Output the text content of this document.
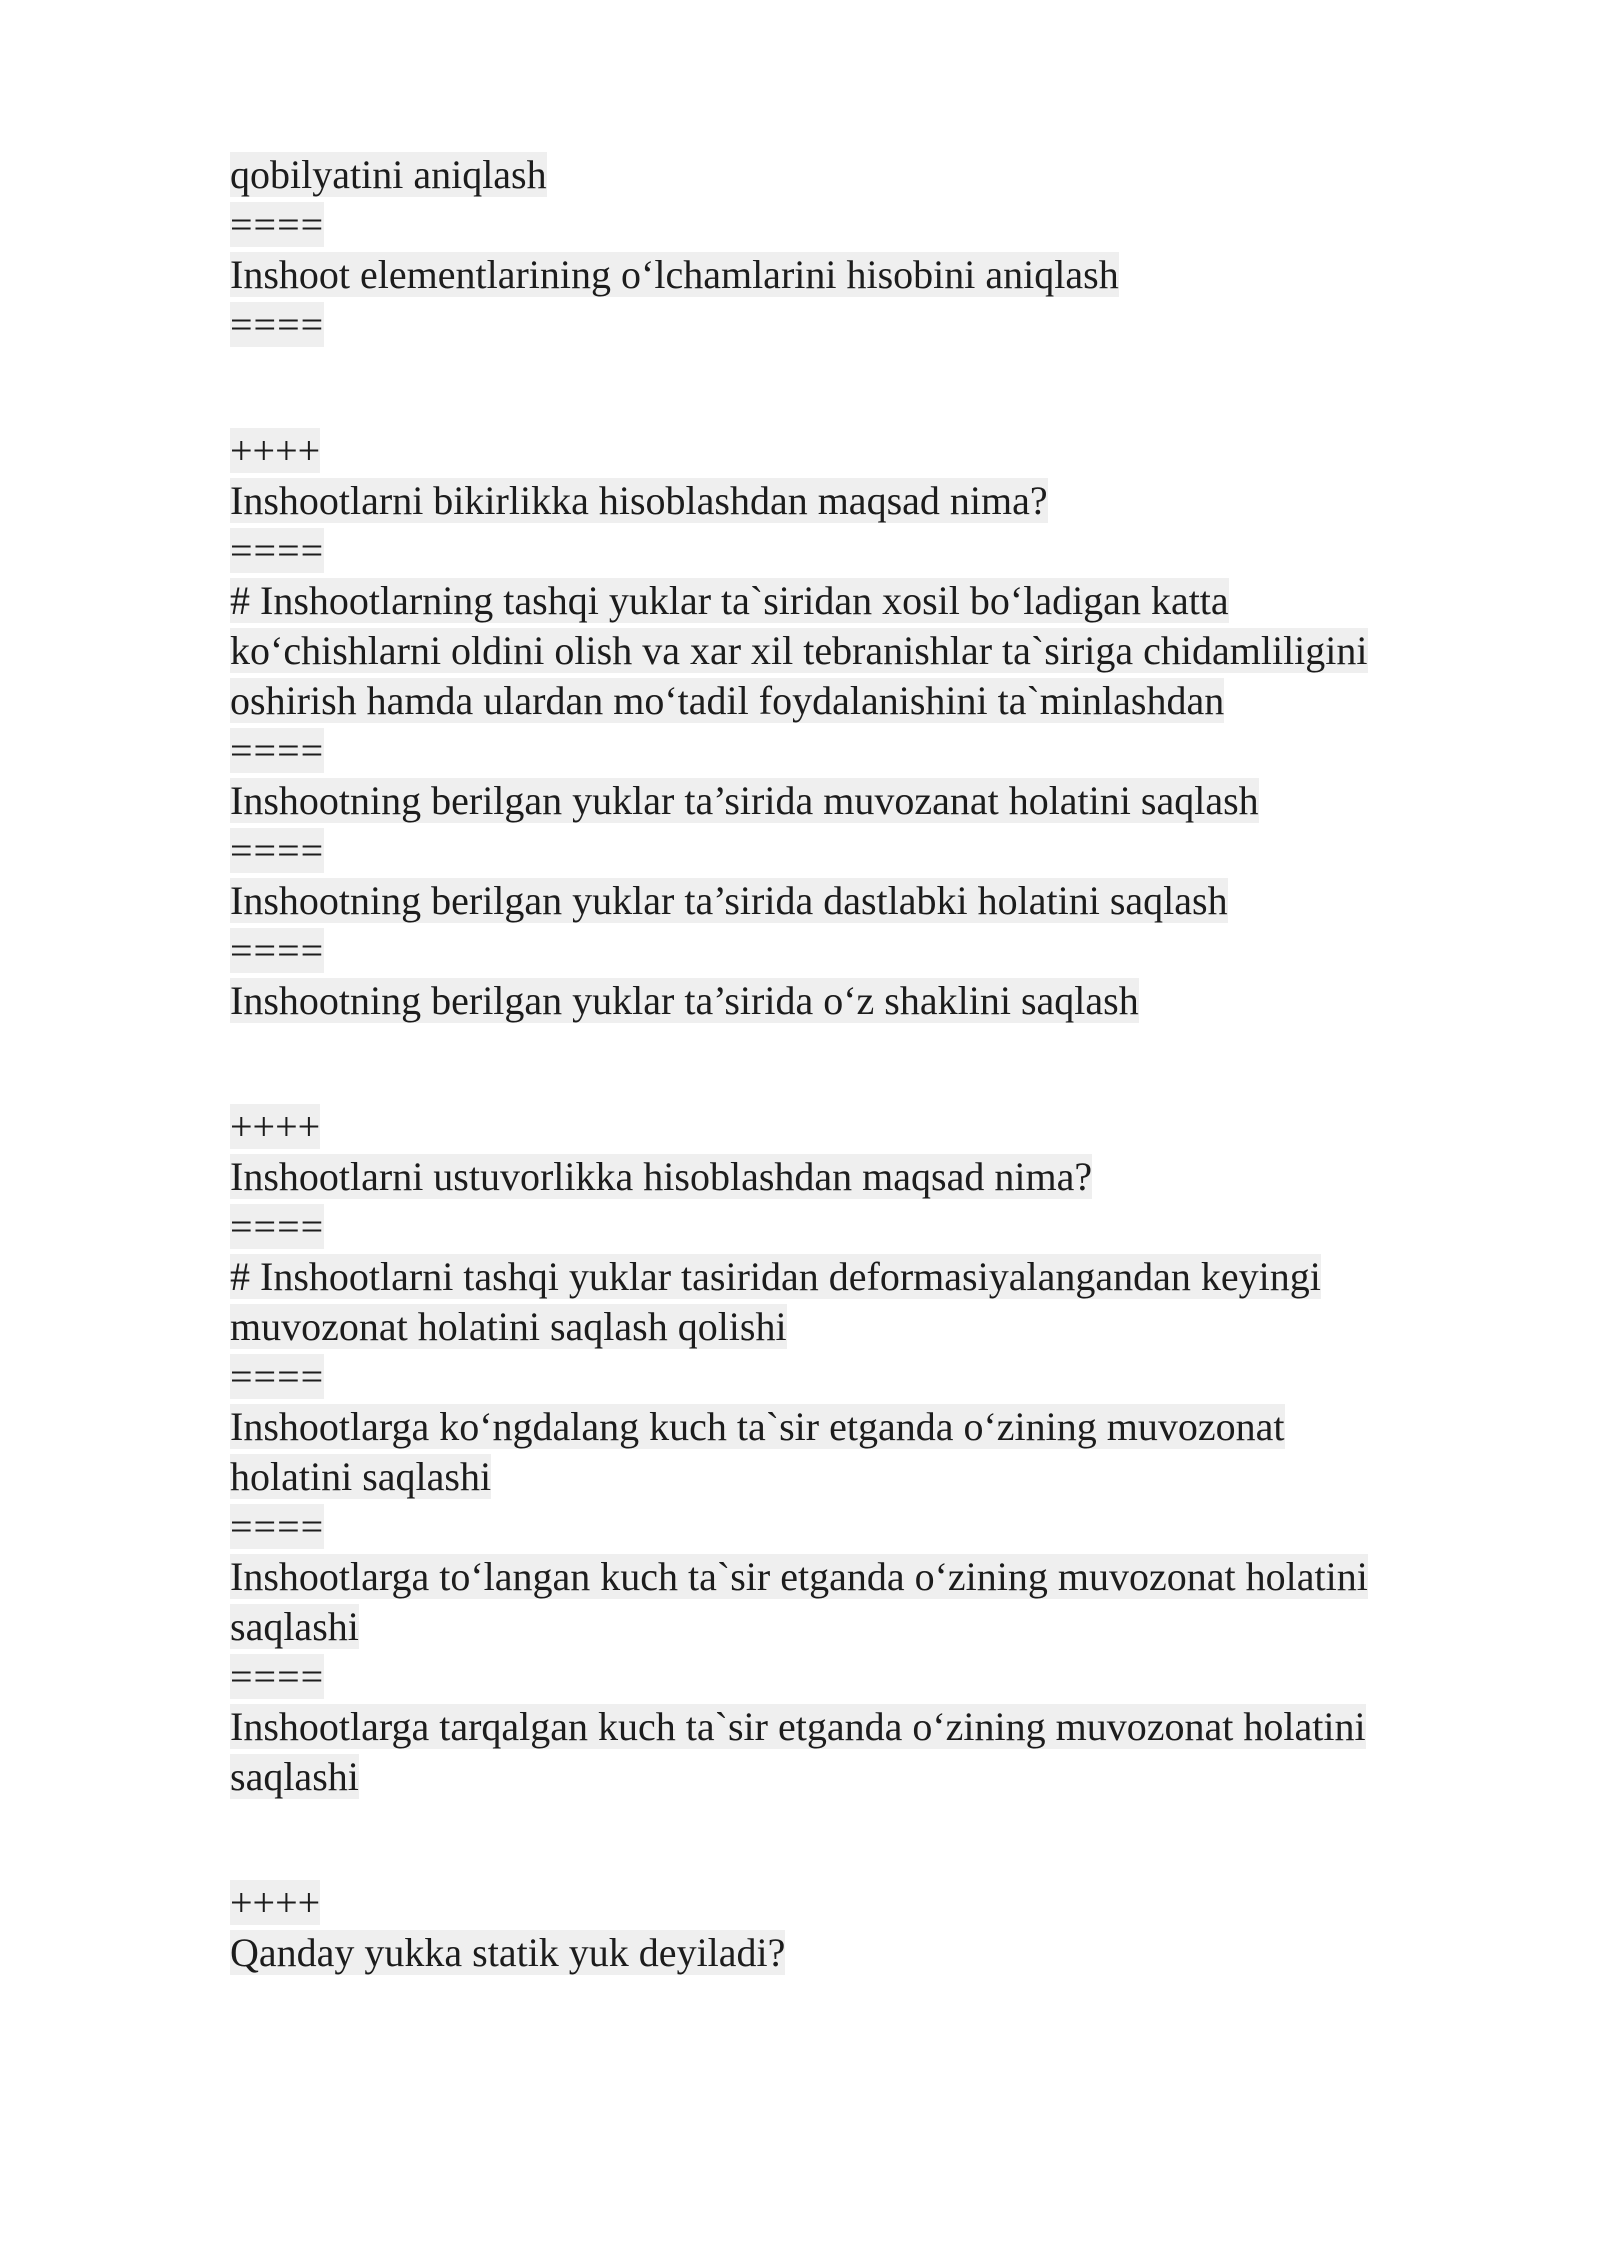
qobilyatini aniqlash
====
Inshoot elementlarining o‘lchamlarini hisobini aniqlash
====
++++
Inshootlarni bikirlikka hisoblashdan maqsad nima?
====
# Inshootlarning tashqi yuklar ta`siridan xosil bo‘ladigan katta
ko‘chishlarni oldini olish va xar xil tebranishlar ta`siriga chidamliligini
oshirish hamda ulardan mo‘tadil foydalanishini ta`minlashdan
====
Inshootning berilgan yuklar ta’sirida muvozanat holatini saqlash
====
Inshootning berilgan yuklar ta’sirida dastlabki holatini saqlash
====
Inshootning berilgan yuklar ta’sirida o‘z shaklini saqlash
++++
Inshootlarni ustuvorlikka hisoblashdan maqsad nima?
====
# Inshootlarni tashqi yuklar tasiridan deformasiyalangandan keyingi
muvozonat holatini saqlash qolishi
====
Inshootlarga ko‘ngdalang kuch ta`sir etganda o‘zining muvozonat
holatini saqlashi
====
Inshootlarga to‘langan kuch ta`sir etganda o‘zining muvozonat holatini
saqlashi
====
Inshootlarga tarqalgan kuch ta`sir etganda o‘zining muvozonat holatini
saqlashi
++++
Qanday yukka statik yuk deyiladi?
